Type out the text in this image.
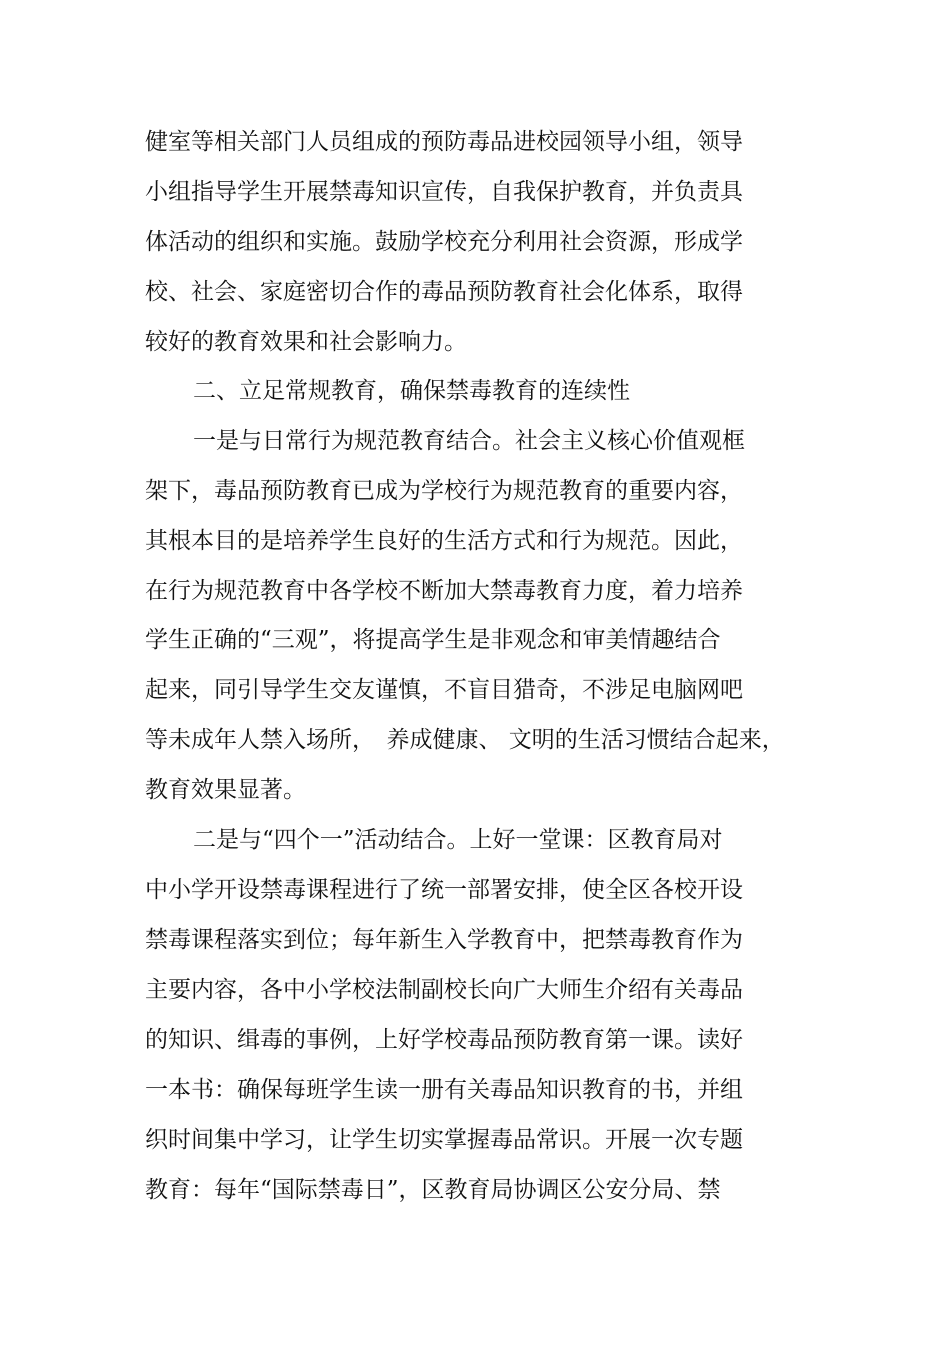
健室等相关部门人员组成的预防毒品进校园领导小组，领导
小组指导学生开展禁毒知识宣传，自我保护教育，并负责具
体活动的组织和实施。鼓励学校充分利用社会资源，形成学
校、社会、家庭密切合作的毒品预防教育社会化体系，取得
较好的教育效果和社会影响力。
二、立足常规教育，确保禁毒教育的连续性
一是与日常行为规范教育结合。社会主义核心价值观框
架下，毒品预防教育已成为学校行为规范教育的重要内容，
其根本目的是培养学生良好的生活方式和行为规范。因此，
在行为规范教育中各学校不断加大禁毒教育力度，着力培养
学生正确的“三观”，将提高学生是非观念和审美情趣结合
起来，同引导学生交友谨慎，不盲目猎奇，不涉足电脑网吧
等未成年人禁入场所，　养成健康、 文明的生活习惯结合起来，
教育效果显著。
二是与“四个一”活动结合。上好一堂课：区教育局对
中小学开设禁毒课程进行了统一部署安排，使全区各校开设
禁毒课程落实到位；每年新生入学教育中，把禁毒教育作为
主要内容，各中小学校法制副校长向广大师生介绍有关毒品
的知识、缉毒的事例，上好学校毒品预防教育第一课。读好
一本书：确保每班学生读一册有关毒品知识教育的书，并组
织时间集中学习，让学生切实掌握毒品常识。开展一次专题
教育：每年“国际禁毒日”，区教育局协调区公安分局、禁
